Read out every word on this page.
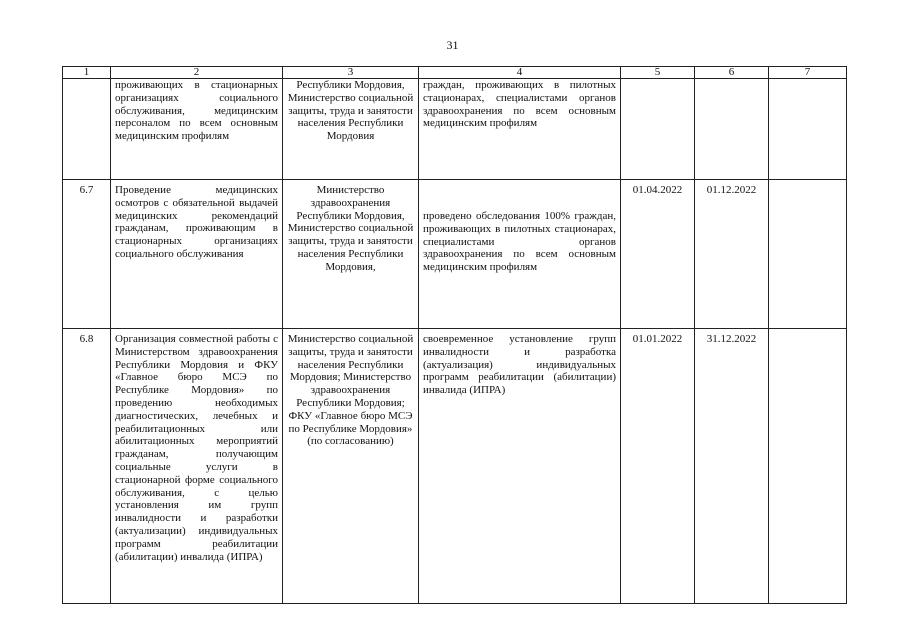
31
1	2	3	4	5	6	7
	проживающих в стационарных организациях социального обслуживания, медицинским персоналом по всем основным медицинским профилям	Республики Мордовия, Министерство социальной защиты, труда и занятости населения Республики Мордовия	граждан, проживающих в пилотных стационарах, специалистами органов здравоохранения по всем основным медицинским профилям			
6.7	Проведение медицинских осмотров с обязательной выдачей медицинских рекомендаций гражданам, проживающим в стационарных организациях социального обслуживания	Министерство здравоохранения Республики Мордовия, Министерство социальной защиты, труда и занятости населения Республики Мордовия,	проведено обследования 100% граждан, проживающих в пилотных стационарах, специалистами органов здравоохранения по всем основным медицинским профилям	01.04.2022	01.12.2022	
6.8	Организация совместной работы с Министерством здравоохранения Республики Мордовия и ФКУ «Главное бюро МСЭ по Республике Мордовия» по проведению необходимых диагностических, лечебных и реабилитационных или абилитационных мероприятий гражданам, получающим социальные услуги в стационарной форме социального обслуживания, с целью установления им групп инвалидности и разработки (актуализации) индивидуальных программ реабилитации (абилитации) инвалида (ИПРА)	Министерство социальной защиты, труда и занятости населения Республики Мордовия; Министерство здравоохранения Республики Мордовия; ФКУ «Главное бюро МСЭ по Республике Мордовия» (по согласованию)	своевременное установление групп инвалидности и разработка (актуализация) индивидуальных программ реабилитации (абилитации) инвалида (ИПРА)	01.01.2022	31.12.2022	
